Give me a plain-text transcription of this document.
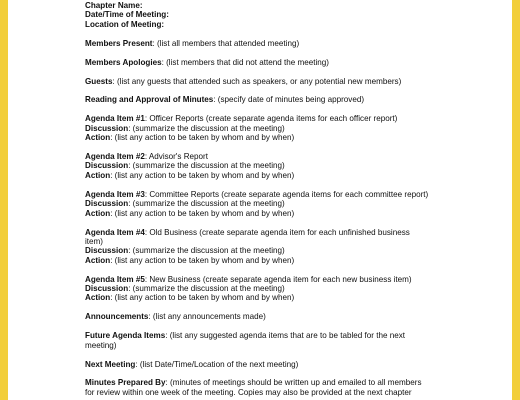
Chapter Name:
Date/Time of Meeting:
Location of Meeting:
Members Present: (list all members that attended meeting)
Members Apologies: (list members that did not attend the meeting)
Guests: (list any guests that attended such as speakers, or any potential new members)
Reading and Approval of Minutes: (specify date of minutes being approved)
Agenda Item #1: Officer Reports (create separate agenda items for each officer report)
Discussion: (summarize the discussion at the meeting)
Action: (list any action to be taken by whom and by when)
Agenda Item #2: Advisor's Report
Discussion: (summarize the discussion at the meeting)
Action: (list any action to be taken by whom and by when)
Agenda Item #3: Committee Reports (create separate agenda items for each committee report)
Discussion: (summarize the discussion at the meeting)
Action: (list any action to be taken by whom and by when)
Agenda Item #4: Old Business (create separate agenda item for each unfinished business
item)
Discussion: (summarize the discussion at the meeting)
Action: (list any action to be taken by whom and by when)
Agenda Item #5: New Business (create separate agenda item for each new business item)
Discussion: (summarize the discussion at the meeting)
Action: (list any action to be taken by whom and by when)
Announcements: (list any announcements made)
Future Agenda Items: (list any suggested agenda items that are to be tabled for the next
meeting)
Next Meeting: (list Date/Time/Location of the next meeting)
Minutes Prepared By: (minutes of meetings should be written up and emailed to all members
for review within one week of the meeting. Copies may also be provided at the next chapter
